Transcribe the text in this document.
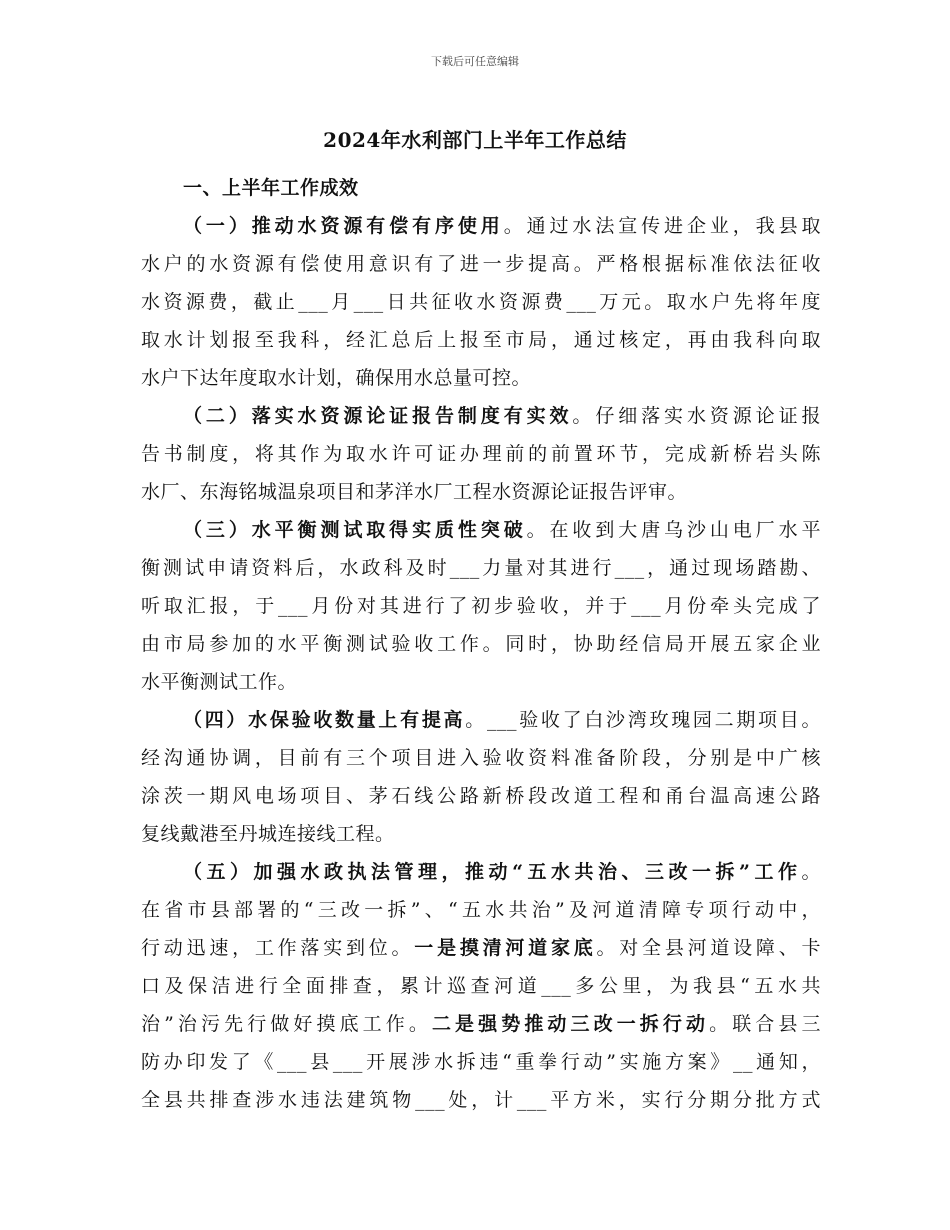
下载后可任意编辑
2024年水利部门上半年工作总结
一、上半年工作成效
（一）推动水资源有偿有序使用。通过水法宣传进企业，我县取
水户的水资源有偿使用意识有了进一步提高。严格根据标准依法征收
水资源费，截止___月___日共征收水资源费___万元。取水户先将年度
取水计划报至我科，经汇总后上报至市局，通过核定，再由我科向取
水户下达年度取水计划，确保用水总量可控。
（二）落实水资源论证报告制度有实效。仔细落实水资源论证报
告书制度，将其作为取水许可证办理前的前置环节，完成新桥岩头陈
水厂、东海铭城温泉项目和茅洋水厂工程水资源论证报告评审。
（三）水平衡测试取得实质性突破。在收到大唐乌沙山电厂水平
衡测试申请资料后，水政科及时___力量对其进行___，通过现场踏勘、
听取汇报，于___月份对其进行了初步验收，并于___月份牵头完成了
由市局参加的水平衡测试验收工作。同时，协助经信局开展五家企业
水平衡测试工作。
（四）水保验收数量上有提高。___验收了白沙湾玫瑰园二期项目。
经沟通协调，目前有三个项目进入验收资料准备阶段，分别是中广核
涂茨一期风电场项目、茅石线公路新桥段改道工程和甬台温高速公路
复线戴港至丹城连接线工程。
（五）加强水政执法管理，推动“五水共治、三改一拆”工作。
在省市县部署的“三改一拆”、“五水共治”及河道清障专项行动中，
行动迅速，工作落实到位。一是摸清河道家底。对全县河道设障、卡
口及保洁进行全面排查，累计巡查河道___多公里，为我县“五水共
治”治污先行做好摸底工作。二是强势推动三改一拆行动。联合县三
防办印发了《___县___开展涉水拆违“重拳行动”实施方案》__通知，
全县共排查涉水违法建筑物___处，计___平方米，实行分期分批方式
